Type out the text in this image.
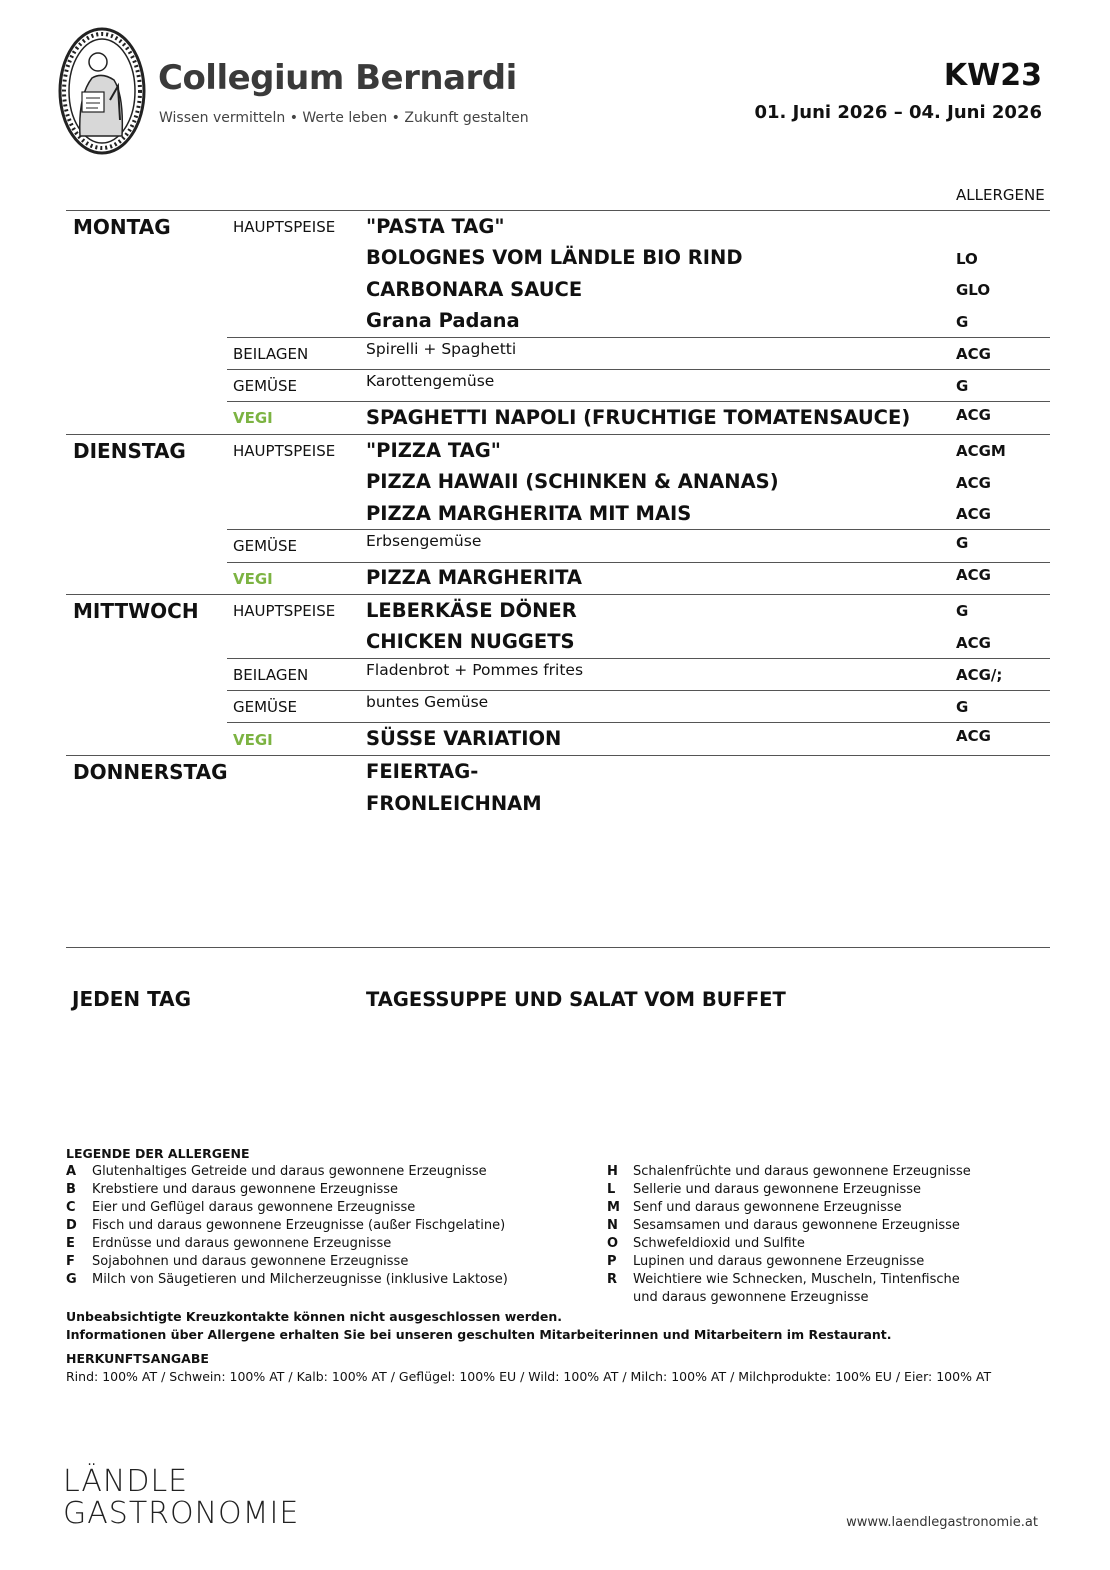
Collegium Bernardi
Wissen vermitteln • Werte leben • Zukunft gestalten
KW23
01. Juni 2026 – 04. Juni 2026
ALLERGENE
MONTAG	HAUPTSPEISE "PASTA TAG"
BOLOGNES VOM LÄNDLE BIO RIND	LO
CARBONARA SAUCE	GLO
Grana Padana	G
BEILAGEN	Spirelli + Spaghetti	ACG
GEMÜSE	Karottengemüse	G
VEGI	SPAGHETTI NAPOLI (FRUCHTIGE TOMATENSAUCE)	ACG
DIENSTAG	HAUPTSPEISE "PIZZA TAG"	ACGM
PIZZA HAWAII (SCHINKEN & ANANAS)	ACG
PIZZA MARGHERITA MIT MAIS	ACG
GEMÜSE	Erbsengemüse	G
VEGI	PIZZA MARGHERITA	ACG
MITTWOCH HAUPTSPEISE LEBERKÄSE DÖNER	G
CHICKEN NUGGETS	ACG
BEILAGEN	Fladenbrot + Pommes frites	ACG/;
GEMÜSE	buntes Gemüse	G
VEGI	SÜSSE VARIATION	ACG
DONNERSTAG	FEIERTAG-
FRONLEICHNAM
JEDEN TAG	TAGESSUPPE UND SALAT VOM BUFFET
LEGENDE DER ALLERGENE
A Glutenhaltiges Getreide und daraus gewonnene Erzeugnisse
B Krebstiere und daraus gewonnene Erzeugnisse
C Eier und Geflügel daraus gewonnene Erzeugnisse
D Fisch und daraus gewonnene Erzeugnisse (außer Fischgelatine)
E Erdnüsse und daraus gewonnene Erzeugnisse
F Sojabohnen und daraus gewonnene Erzeugnisse
G Milch von Säugetieren und Milcherzeugnisse (inklusive Laktose)
H Schalenfrüchte und daraus gewonnene Erzeugnisse
L Sellerie und daraus gewonnene Erzeugnisse
M Senf und daraus gewonnene Erzeugnisse
N Sesamsamen und daraus gewonnene Erzeugnisse
O Schwefeldioxid und Sulfite
P Lupinen und daraus gewonnene Erzeugnisse
R Weichtiere wie Schnecken, Muscheln, Tintenfische
und daraus gewonnene Erzeugnisse
Unbeabsichtigte Kreuzkontakte können nicht ausgeschlossen werden.
Informationen über Allergene erhalten Sie bei unseren geschulten Mitarbeiterinnen und Mitarbeitern im Restaurant.
HERKUNFTSANGABE
Rind: 100% AT / Schwein: 100% AT / Kalb: 100% AT / Geflügel: 100% EU / Wild: 100% AT / Milch: 100% AT / Milchprodukte: 100% EU / Eier: 100% AT
LÄNDLE
GASTRONOMIE	wwww.laendlegastronomie.at
